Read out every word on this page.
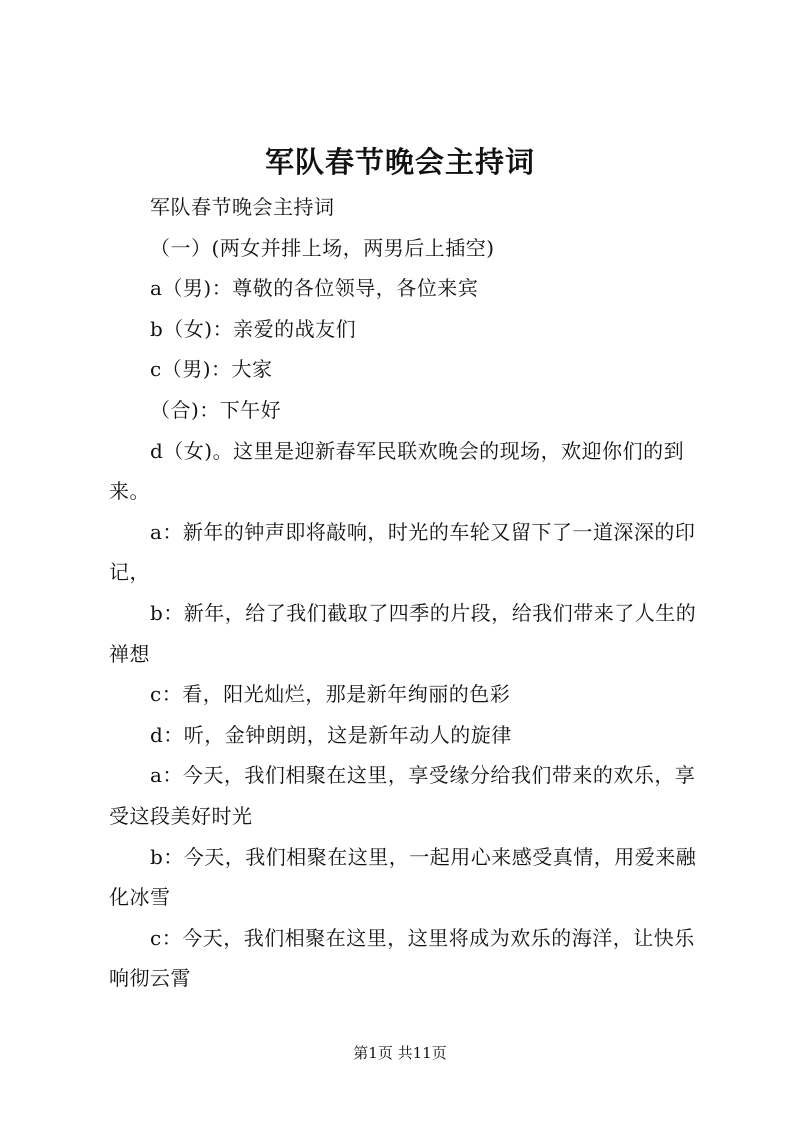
军队春节晚会主持词

军队春节晚会主持词

（一）(两女并排上场，两男后上插空)

a（男)：尊敬的各位领导，各位来宾

b（女)：亲爱的战友们

c（男)：大家

（合)：下午好

d（女)。这里是迎新春军民联欢晚会的现场，欢迎你们的到来。

a：新年的钟声即将敲响，时光的车轮又留下了一道深深的印记，

b：新年，给了我们截取了四季的片段，给我们带来了人生的禅想

c：看，阳光灿烂，那是新年绚丽的色彩

d：听，金钟朗朗，这是新年动人的旋律

a：今天，我们相聚在这里，享受缘分给我们带来的欢乐，享受这段美好时光

b：今天，我们相聚在这里，一起用心来感受真情，用爱来融化冰雪

c：今天，我们相聚在这里，这里将成为欢乐的海洋，让快乐响彻云霄

第1页 共11页
